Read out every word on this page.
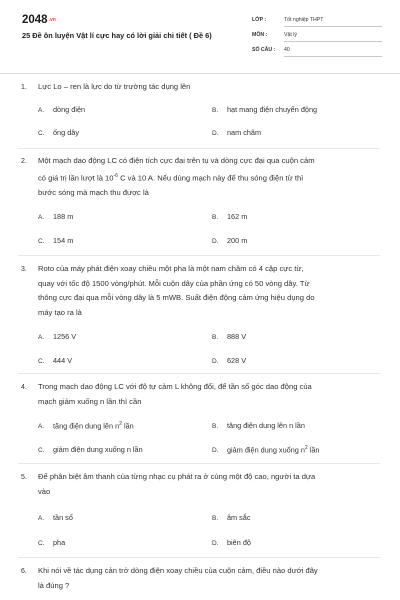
2048.vn
25 Đề ôn luyện Vật lí cực hay có lời giải chi tiết ( Đề 6)
LỚP :	Tốt nghiệp THPT
MÔN :	Vật lý
SỐ CÂU : 40
1. Lực Lo – ren là lực do từ trường tác dụng lên
A. dòng điện	B. hạt mang điện chuyển động
C. ống dây	D. nam châm
2. Một mạch dao động LC có điện tích cực đại trên tụ và dòng cực đại qua cuộn cảm
có giá trị lần lượt là $10^{-6}$ C và 10 A. Nếu dùng mạch này để thu sóng điện từ thì
bước sóng mà mạch thu được là
A. 188 m	B. 162 m
C. 154 m	D. 200 m
3. Roto của máy phát điện xoay chiều một pha là một nam châm có 4 cặp cực từ,
quay với tốc độ 1500 vòng/phút. Mỗi cuộn dây của phần ứng có 50 vòng dây. Từ
thông cực đại qua mỗi vòng dây là 5 mWB. Suất điện động cảm ứng hiệu dụng do
máy tạo ra là
A. 1256 V	B. 888 V
C. 444 V	D. 628 V
4. Trong mạch dao động LC với độ tự cảm L không đổi, để tần số góc dao động của
mạch giảm xuống n lần thì cần
A. tăng điện dung lên $n^2$ lần	B. tăng điện dung lên n lần
C. giảm điện dung xuống n lần	D. giảm điện dung xuống $n^2$ lần
5. Để phân biệt âm thanh của từng nhạc cụ phát ra ở cùng một độ cao, người ta dựa
vào
A. tần số	B. âm sắc
C. pha	D. biên độ
6. Khi nói về tác dụng cản trở dòng điện xoay chiều của cuộn cảm, điều nào dưới đây
là đúng ?
